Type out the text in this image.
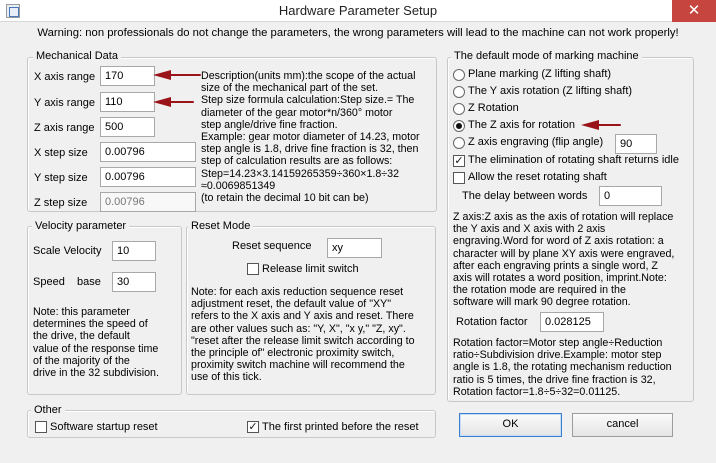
Hardware Parameter Setup	✕
Warning: non professionals do not change the parameters, the wrong parameters will lead to the machine can not work properly!
Mechanical Data
X axis range 170
Y axis range 110
Z axis range 500
X step size	0.00796
Y step size	0.00796
Z step size	0.00796
Description(units mm):the scope of the actual
size of the mechanical part of the set.
Step size formula calculation:Step size.= The
diameter of the gear motor*n/360° motor
step angle/drive fine fraction.
Example: gear motor diameter of 14.23, motor
step angle is 1.8, drive fine fraction is 32, then
step of calculation results are as follows:
Step=14.23×3.14159265359÷360×1.8÷32
≈0.0069851349
(to retain the decimal 10 bit can be)
Velocity parameter
Scale Velocity	10
Speed    base	30
Note: this parameter
determines the speed of
the drive, the default
value of the response time
of the majority of the
drive in the 32 subdivision.
Reset Mode
Reset sequence	xy
Release limit switch
Note: for each axis reduction sequence reset
adjustment reset, the default value of "XY"
refers to the X axis and Y axis and reset. There
are other values such as: "Y, X", "x y," "Z, xy".
"reset after the release limit switch according to
the principle of" electronic proximity switch,
proximity switch machine will recommend the
use of this tick.
The default mode of marking machine
Plane marking (Z lifting shaft)
The Y axis rotation (Z lifting shaft)
Z Rotation
The Z axis for rotation
Z axis engraving (flip angle)	90
✓ The elimination of rotating shaft returns idle
Allow the reset rotating shaft
The delay between words	0
Z axis:Z axis as the axis of rotation will replace
the Y axis and X axis with 2 axis
engraving.Word for word of Z axis rotation: a
character will by plane XY axis were engraved,
after each engraving prints a single word, Z
axis will rotates a word position, imprint.Note:
the rotation mode are required in the
software will mark 90 degree rotation.
Rotation factor	0.028125
Rotation factor=Motor step angle÷Reduction
ratio÷Subdivision drive.Example: motor step
angle is 1.8, the rotating mechanism reduction
ratio is 5 times, the drive fine fraction is 32,
Rotation factor=1.8÷5÷32=0.01125.
Other
Software startup reset	✓ The first printed before the reset	OK	cancel
